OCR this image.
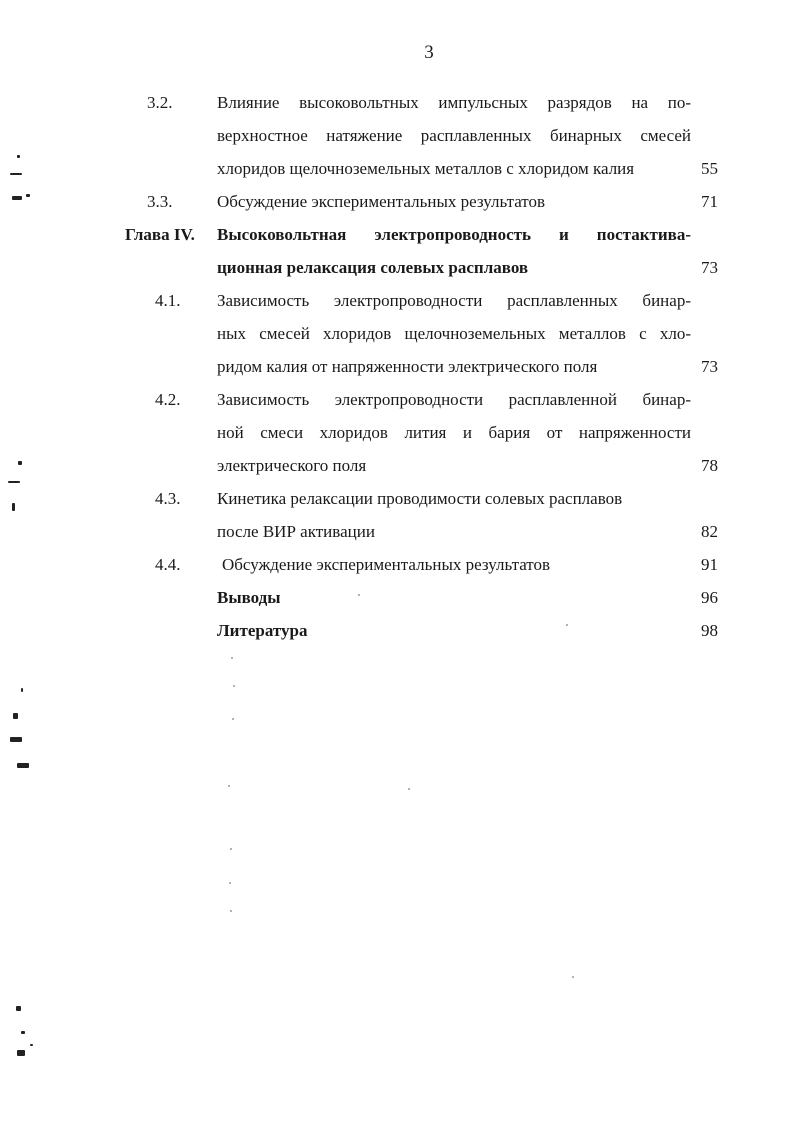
3
3.2.	Влияние высоковольтных импульсных разрядов на по-
верхностное натяжение расплавленных бинарных смесей
хлоридов щелочноземельных металлов с хлоридом калия	55
3.3.	Обсуждение экспериментальных результатов	71
Глава IV. Высоковольтная электропроводность и постактива-
ционная релаксация солевых расплавов	73
4.1. Зависимость электропроводности расплавленных бинар-
ных смесей хлоридов щелочноземельных металлов с хло-
ридом калия от напряженности электрического поля	73
4.2. Зависимость электропроводности расплавленной бинар-
ной смеси хлоридов лития и бария от напряженности
электрического поля	78
4.3. Кинетика релаксации проводимости солевых расплавов
после ВИР активации	82
4.4. Обсуждение экспериментальных результатов	91
Выводы	96
Литература	98
